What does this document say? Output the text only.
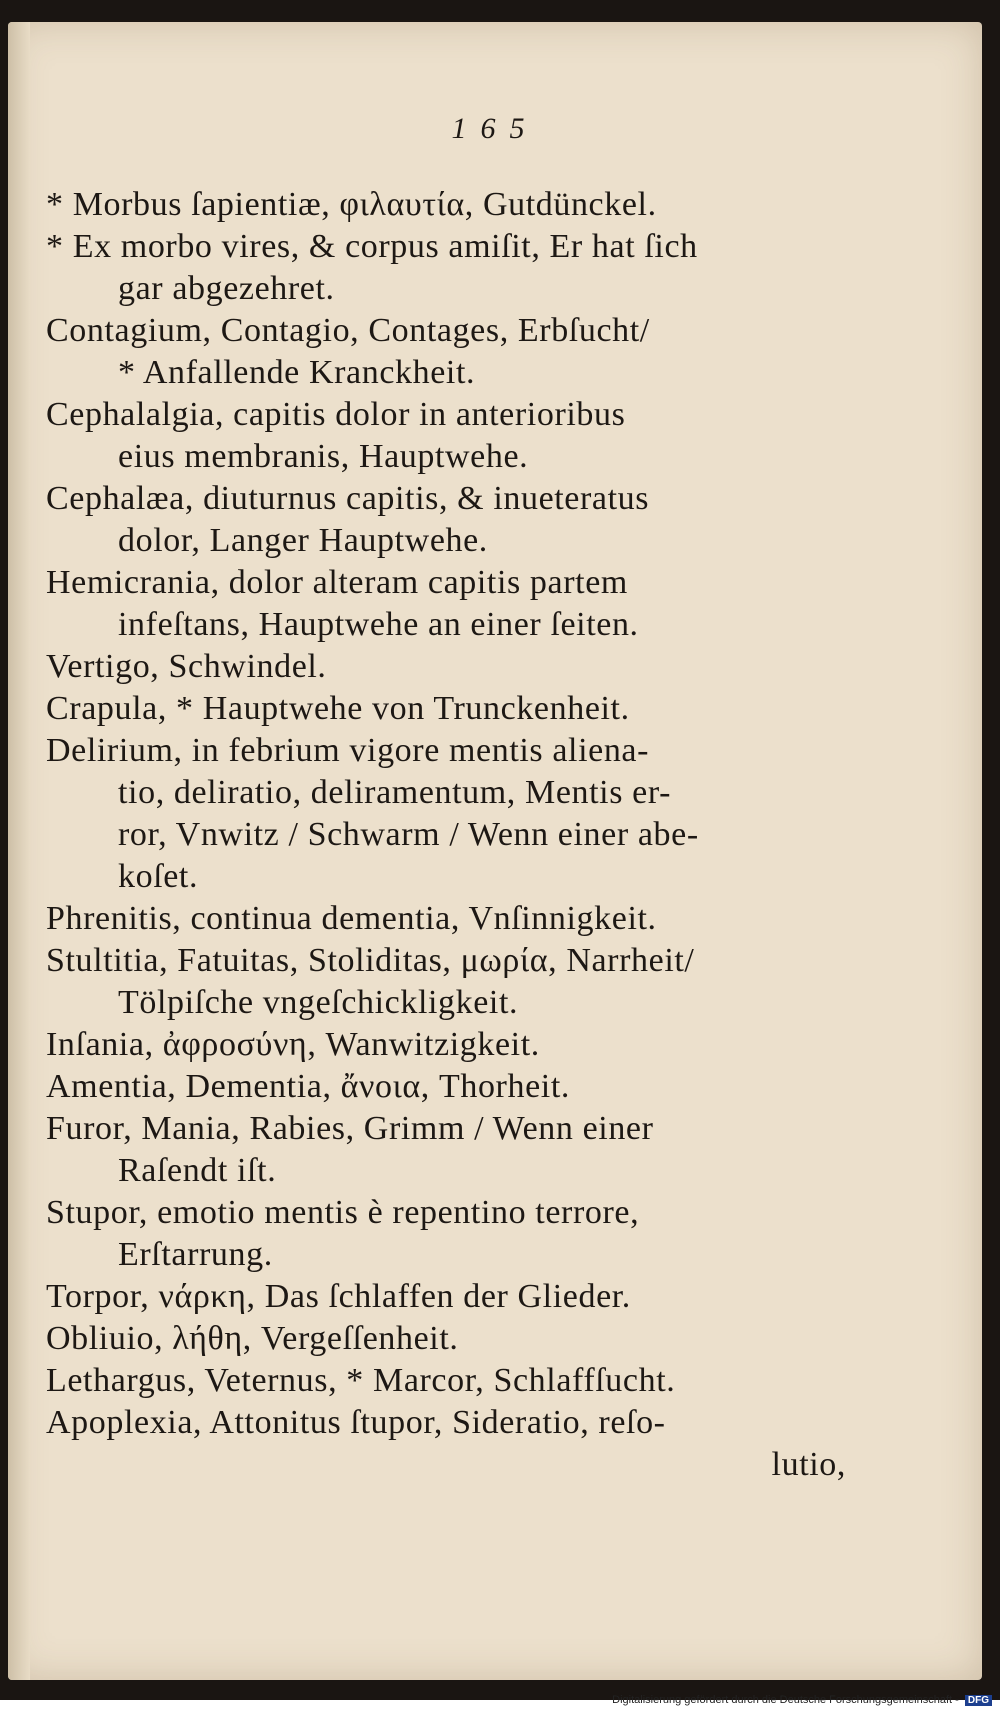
165
* Morbus ſapientiæ, φιλαυτία, Gutdünckel.
* Ex morbo vires, & corpus amiſit, Er hat ſich
gar abgezehret.
Contagium, Contagio, Contages, Erbſucht/
* Anfallende Kranckheit.
Cephalalgia, capitis dolor in anterioribus
eius membranis, Hauptwehe.
Cephalæa, diuturnus capitis, & inueteratus
dolor, Langer Hauptwehe.
Hemicrania, dolor alteram capitis partem
infeſtans, Hauptwehe an einer ſeiten.
Vertigo, Schwindel.
Crapula, * Hauptwehe von Trunckenheit.
Delirium, in febrium vigore mentis aliena-
tio, deliratio, deliramentum, Mentis er-
ror, Vnwitz / Schwarm / Wenn einer abe-
koſet.
Phrenitis, continua dementia, Vnſinnigkeit.
Stultitia, Fatuitas, Stoliditas, μωρία, Narrheit/
Tölpiſche vngeſchickligkeit.
Inſania, ἀφροσύνη, Wanwitzigkeit.
Amentia, Dementia, ἄνοια, Thorheit.
Furor, Mania, Rabies, Grimm / Wenn einer
Raſendt iſt.
Stupor, emotio mentis è repentino terrore,
Erſtarrung.
Torpor, νάρκη, Das ſchlaffen der Glieder.
Obliuio, λήθη, Vergeſſenheit.
Lethargus, Veternus, * Marcor, Schlaffſucht.
Apoplexia, Attonitus ſtupor, Sideratio, reſo-
lutio,
Digitalisierung gefördert durch die Deutsche Forschungsgemeinschaft - DFG
